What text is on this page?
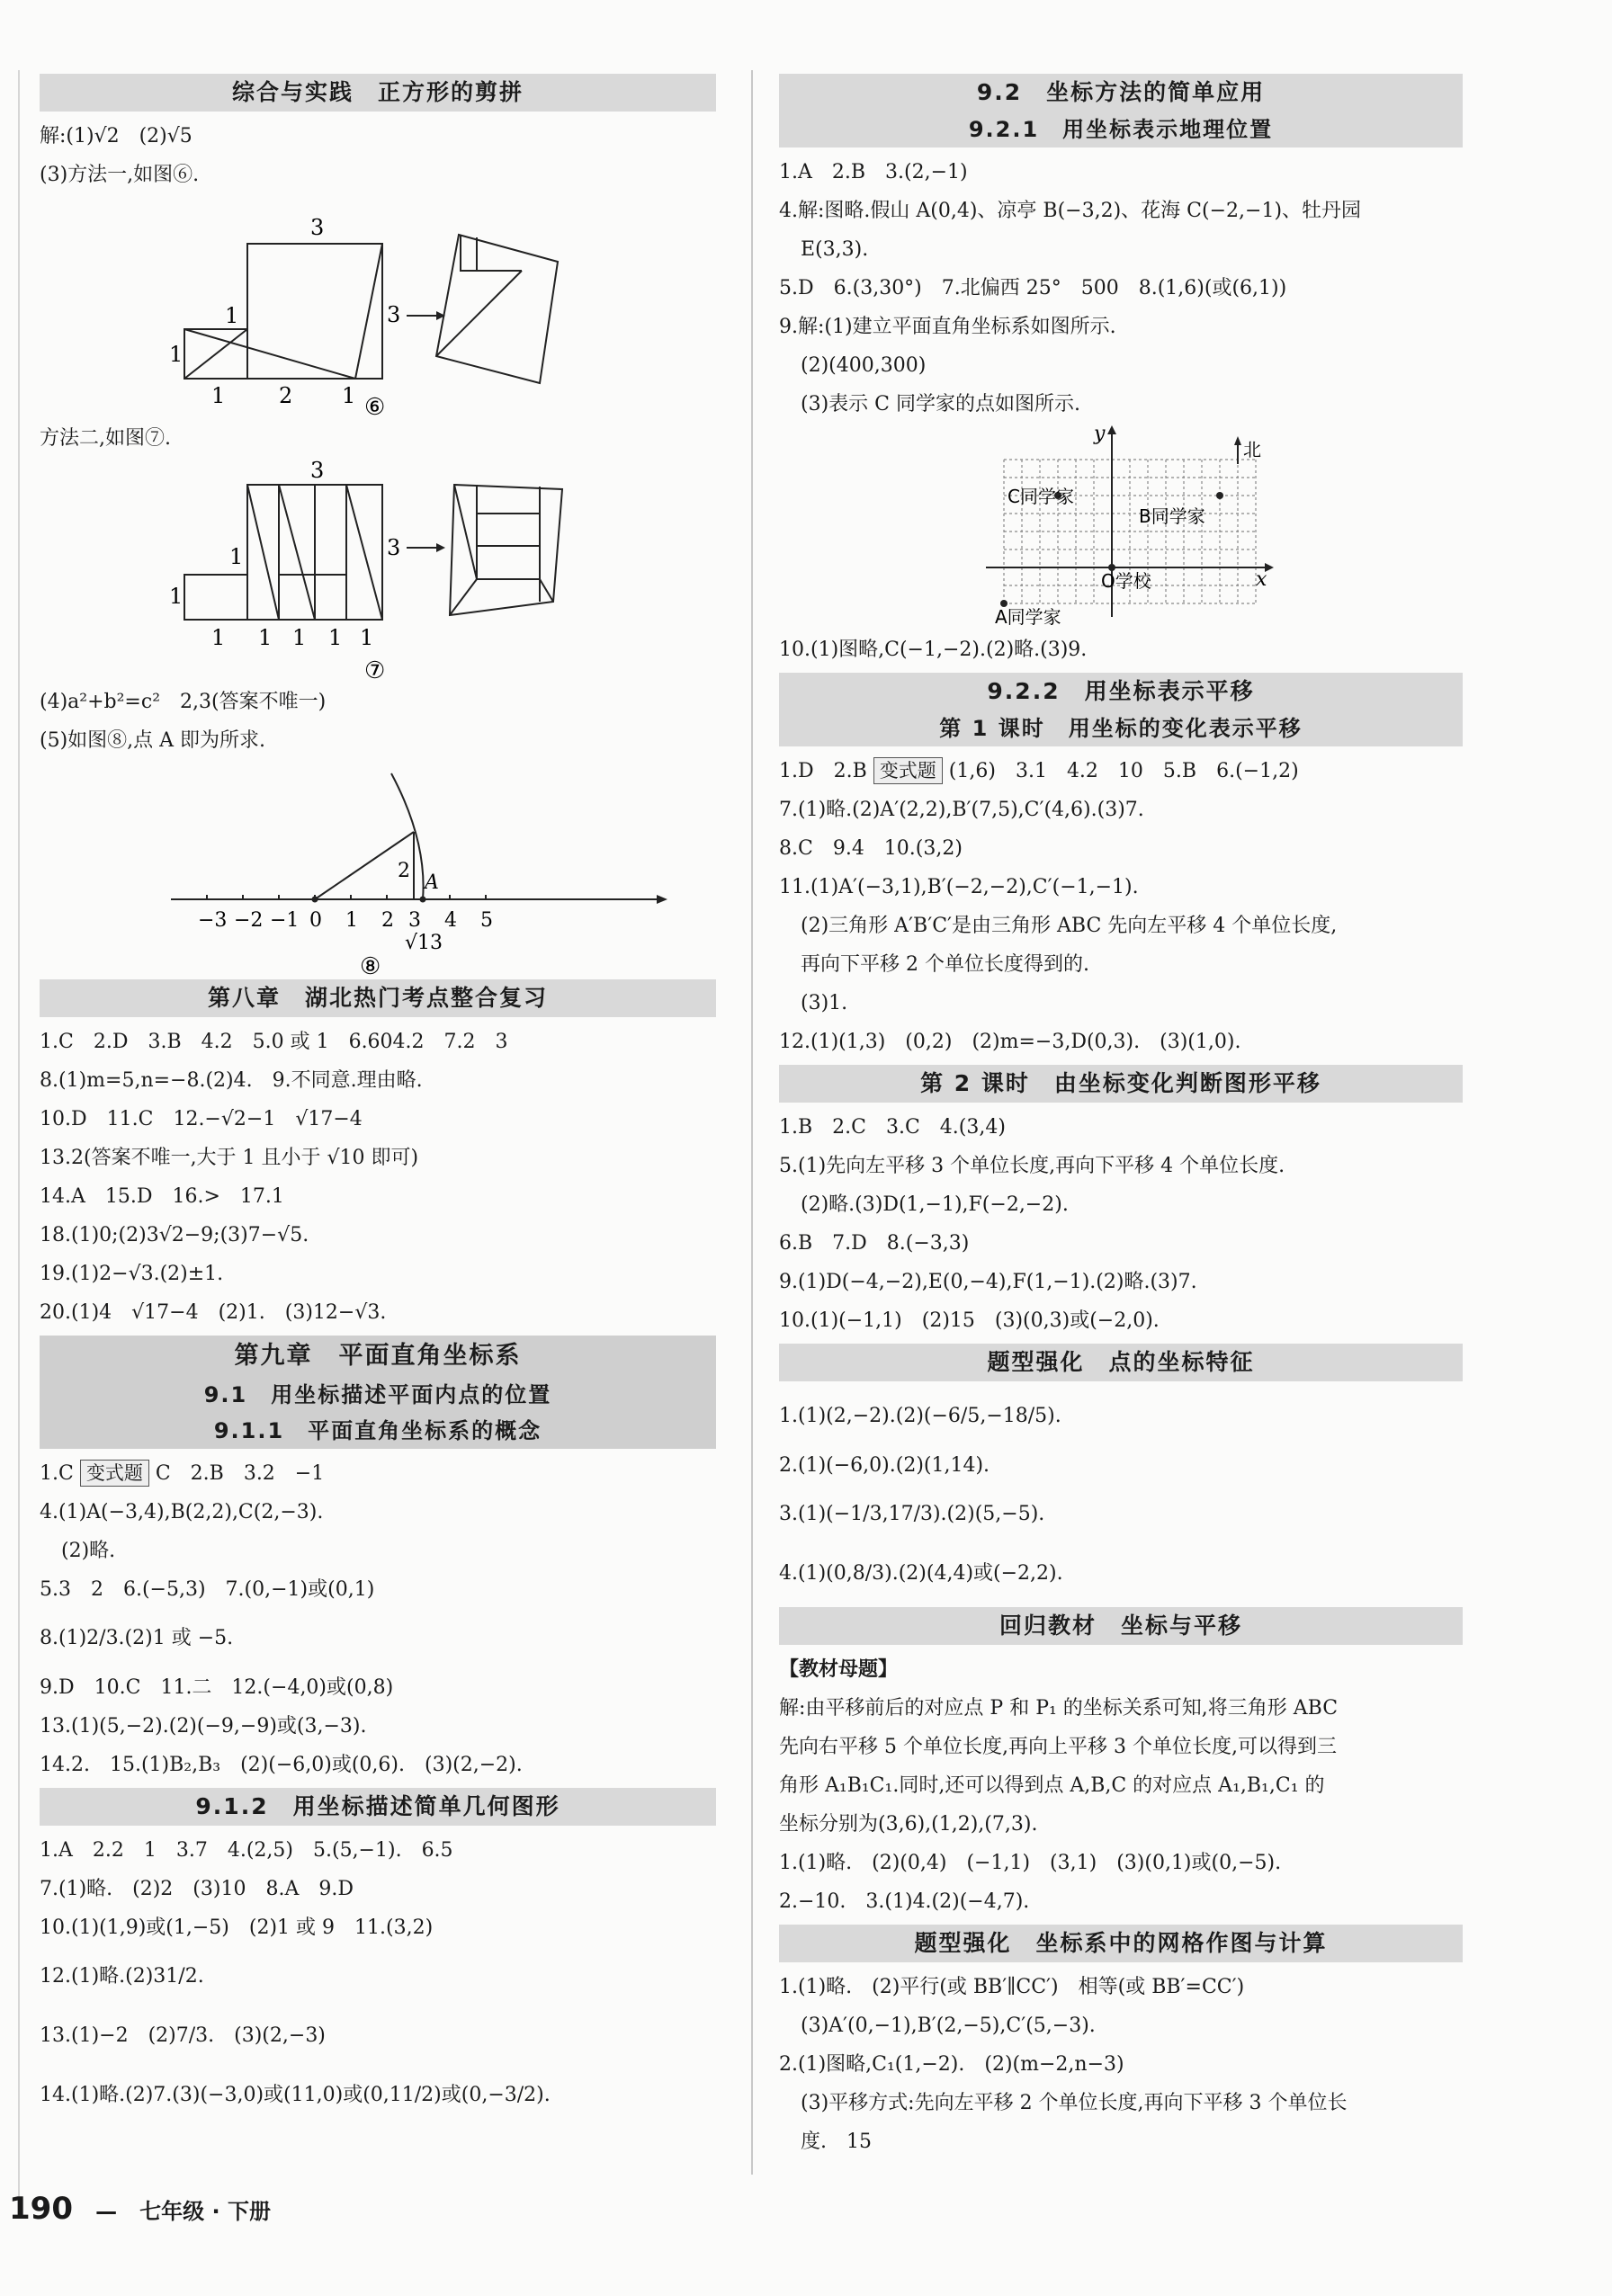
综合与实践　正方形的剪拼
解:(1)√2　(2)√5
(3)方法一,如图⑥.
3
3
1
1
1 2 1 ⑥
方法二,如图⑦.
3
3
1
1
1 1 1 1 1
⑦
(4)a²+b²=c²　2,3(答案不唯一)
(5)如图⑧,点 A 即为所求.
−3 −2 −1 0 1 2 3 4 5
2
A
√13
⑧
第八章　湖北热门考点整合复习
1.C　2.D　3.B　4.2　5.0 或 1　6.604.2　7.2　3
8.(1)m=5,n=−8.(2)4.　9.不同意.理由略.
10.D　11.C　12.−√2−1　√17−4
13.2(答案不唯一,大于 1 且小于 √10 即可)
14.A　15.D　16.>　17.1
18.(1)0;(2)3√2−9;(3)7−√5.
19.(1)2−√3.(2)±1.
20.(1)4　√17−4　(2)1.　(3)12−√3.
第九章　平面直角坐标系
9.1　用坐标描述平面内点的位置
9.1.1　平面直角坐标系的概念
1.C 变式题 C　2.B　3.2　−1
4.(1)A(−3,4),B(2,2),C(2,−3).
(2)略.
5.3　2　6.(−5,3)　7.(0,−1)或(0,1)
8.(1)2/3.(2)1 或 −5.
9.D　10.C　11.二　12.(−4,0)或(0,8)
13.(1)(5,−2).(2)(−9,−9)或(3,−3).
14.2.　15.(1)B₂,B₃　(2)(−6,0)或(0,6).　(3)(2,−2).
9.1.2　用坐标描述简单几何图形
1.A　2.2　1　3.7　4.(2,5)　5.(5,−1).　6.5
7.(1)略.　(2)2　(3)10　8.A　9.D
10.(1)(1,9)或(1,−5)　(2)1 或 9　11.(3,2)
12.(1)略.(2)31/2.
13.(1)−2　(2)7/3.　(3)(2,−3)
14.(1)略.(2)7.(3)(−3,0)或(11,0)或(0,11/2)或(0,−3/2).
9.2　坐标方法的简单应用
9.2.1　用坐标表示地理位置
1.A　2.B　3.(2,−1)
4.解:图略.假山 A(0,4)、凉亭 B(−3,2)、花海 C(−2,−1)、牡丹园
E(3,3).
5.D　6.(3,30°)　7.北偏西 25°　500　8.(1,6)(或(6,1))
9.解:(1)建立平面直角坐标系如图所示.
(2)(400,300)
(3)表示 C 同学家的点如图所示.
y
x
北
C同学家
B同学家
O学校
A同学家
10.(1)图略,C(−1,−2).(2)略.(3)9.
9.2.2　用坐标表示平移
第 1 课时　用坐标的变化表示平移
1.D　2.B 变式题 (1,6)　3.1　4.2　10　5.B　6.(−1,2)
7.(1)略.(2)A′(2,2),B′(7,5),C′(4,6).(3)7.
8.C　9.4　10.(3,2)
11.(1)A′(−3,1),B′(−2,−2),C′(−1,−1).
(2)三角形 A′B′C′是由三角形 ABC 先向左平移 4 个单位长度,
再向下平移 2 个单位长度得到的.
(3)1.
12.(1)(1,3)　(0,2)　(2)m=−3,D(0,3).　(3)(1,0).
第 2 课时　由坐标变化判断图形平移
1.B　2.C　3.C　4.(3,4)
5.(1)先向左平移 3 个单位长度,再向下平移 4 个单位长度.
(2)略.(3)D(1,−1),F(−2,−2).
6.B　7.D　8.(−3,3)
9.(1)D(−4,−2),E(0,−4),F(1,−1).(2)略.(3)7.
10.(1)(−1,1)　(2)15　(3)(0,3)或(−2,0).
题型强化　点的坐标特征
1.(1)(2,−2).(2)(−6/5,−18/5).
2.(1)(−6,0).(2)(1,14).
3.(1)(−1/3,17/3).(2)(5,−5).
4.(1)(0,8/3).(2)(4,4)或(−2,2).
回归教材　坐标与平移
【教材母题】
解:由平移前后的对应点 P 和 P₁ 的坐标关系可知,将三角形 ABC
先向右平移 5 个单位长度,再向上平移 3 个单位长度,可以得到三
角形 A₁B₁C₁.同时,还可以得到点 A,B,C 的对应点 A₁,B₁,C₁ 的
坐标分别为(3,6),(1,2),(7,3).
1.(1)略.　(2)(0,4)　(−1,1)　(3,1)　(3)(0,1)或(0,−5).
2.−10.　3.(1)4.(2)(−4,7).
题型强化　坐标系中的网格作图与计算
1.(1)略.　(2)平行(或 BB′∥CC′)　相等(或 BB′=CC′)
(3)A′(0,−1),B′(2,−5),C′(5,−3).
2.(1)图略,C₁(1,−2).　(2)(m−2,n−3)
(3)平移方式:先向左平移 2 个单位长度,再向下平移 3 个单位长
度.　15
190 — 七年级 · 下册
